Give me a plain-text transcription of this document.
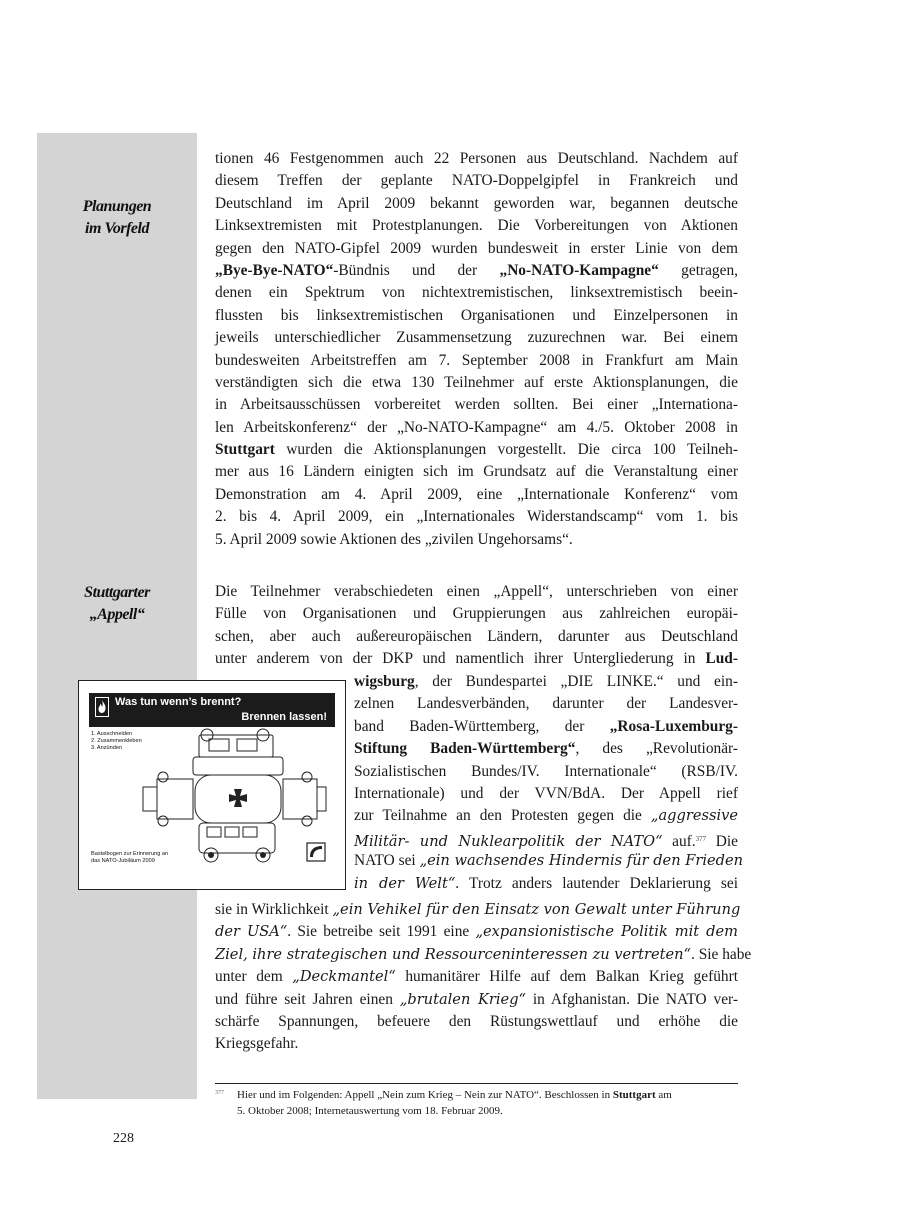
Planungen
im Vorfeld
Stuttgarter
„Appell“
tionen 46 Festgenommen auch 22 Personen aus Deutschland. Nachdem auf
diesem Treffen der geplante NATO-Doppelgipfel in Frankreich und
Deutschland im April 2009 bekannt geworden war, begannen deutsche
Linksextremisten mit Protestplanungen. Die Vorbereitungen von Aktionen
gegen den NATO-Gipfel 2009 wurden bundesweit in erster Linie von dem
„Bye-Bye-NATO“-Bündnis und der „No-NATO-Kampagne“ getragen,
denen ein Spektrum von nichtextremistischen, linksextremistisch beein-
flussten bis linksextremistischen Organisationen und Einzelpersonen in
jeweils unterschiedlicher Zusammensetzung zuzurechnen war. Bei einem
bundesweiten Arbeitstreffen am 7. September 2008 in Frankfurt am Main
verständigten sich die etwa 130 Teilnehmer auf erste Aktionsplanungen, die
in Arbeitsausschüssen vorbereitet werden sollten. Bei einer „Internationa-
len Arbeitskonferenz“ der „No-NATO-Kampagne“ am 4./5. Oktober 2008 in
Stuttgart wurden die Aktionsplanungen vorgestellt. Die circa 100 Teilneh-
mer aus 16 Ländern einigten sich im Grundsatz auf die Veranstaltung einer
Demonstration am 4. April 2009, eine „Internationale Konferenz“ vom
2. bis 4. April 2009, ein „Internationales Widerstandscamp“ vom 1. bis
5. April 2009 sowie Aktionen des „zivilen Ungehorsams“.
Die Teilnehmer verabschiedeten einen „Appell“, unterschrieben von einer
Fülle von Organisationen und Gruppierungen aus zahlreichen europäi-
schen, aber auch außereuropäischen Ländern, darunter aus Deutschland
unter anderem von der DKP und namentlich ihrer Untergliederung in Lud-
wigsburg, der Bundespartei „DIE LINKE.“ und ein-
zelnen Landesverbänden, darunter der Landesver-
band Baden-Württemberg, der „Rosa-Luxemburg-
Stiftung Baden-Württemberg“, des „Revolutionär-
Sozialistischen Bundes/IV. Internationale“ (RSB/IV.
Internationale) und der VVN/BdA. Der Appell rief
zur Teilnahme an den Protesten gegen die „aggressive
Militär- und Nuklearpolitik der NATO“ auf.$^{377}$ Die
NATO sei „ein wachsendes Hindernis für den Frieden
in der Welt“. Trotz anders lautender Deklarierung sei
sie in Wirklichkeit „ein Vehikel für den Einsatz von Gewalt unter Führung
der USA“. Sie betreibe seit 1991 eine „expansionistische Politik mit dem
Ziel, ihre strategischen und Ressourceninteressen zu vertreten“. Sie habe
unter dem „Deckmantel“ humanitärer Hilfe auf dem Balkan Krieg geführt
und führe seit Jahren einen „brutalen Krieg“ in Afghanistan. Die NATO ver-
schärfe Spannungen, befeuere den Rüstungswettlauf und erhöhe die
Kriegsgefahr.
Was tun wenn’s brennt?
Brennen lassen!
1. Ausschneiden
2. Zusammenkleben
3. Anzünden
Bastelbogen zur Erinnerung an
das NATO-Jubiläum 2009
377 Hier und im Folgenden: Appell „Nein zum Krieg – Nein zur NATO“. Beschlossen in Stuttgart am
5. Oktober 2008; Internetauswertung vom 18. Februar 2009.
228
